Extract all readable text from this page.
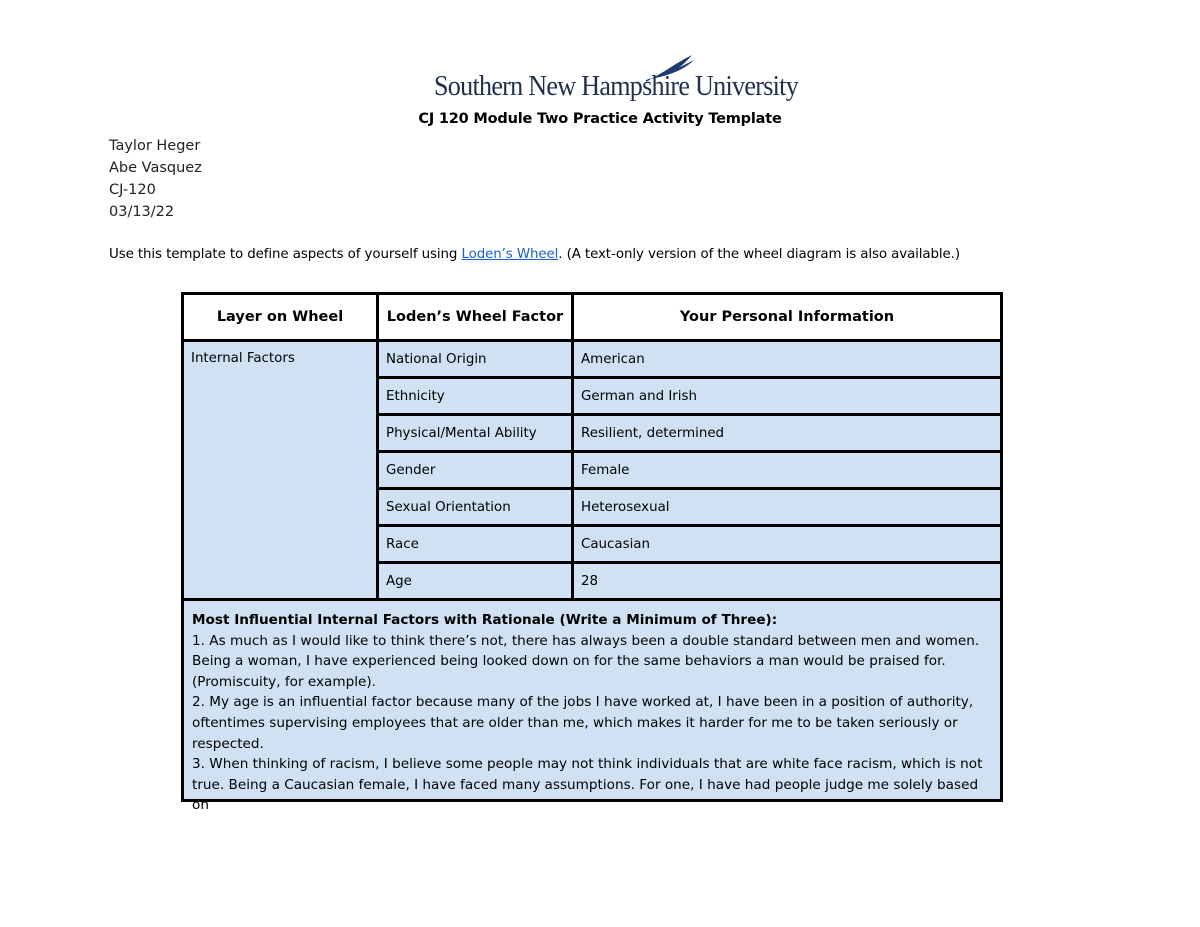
Southern New Hampshire University
CJ 120 Module Two Practice Activity Template
Taylor Heger
Abe Vasquez
CJ-120
03/13/22
Use this template to define aspects of yourself using Loden’s Wheel. (A text-only version of the wheel diagram is also available.)
Layer on Wheel	Loden’s Wheel Factor	Your Personal Information
Internal Factors	National Origin	American
	Ethnicity	German and Irish
	Physical/Mental Ability	Resilient, determined
	Gender	Female
	Sexual Orientation	Heterosexual
	Race	Caucasian
	Age	28

Most Influential Internal Factors with Rationale (Write a Minimum of Three):
1. As much as I would like to think there’s not, there has always been a double standard between men and women. Being a woman, I have experienced being looked down on for the same behaviors a man would be praised for. (Promiscuity, for example).
2. My age is an influential factor because many of the jobs I have worked at, I have been in a position of authority, oftentimes supervising employees that are older than me, which makes it harder for me to be taken seriously or respected.
3. When thinking of racism, I believe some people may not think individuals that are white face racism, which is not true. Being a Caucasian female, I have faced many assumptions. For one, I have had people judge me solely based on		
